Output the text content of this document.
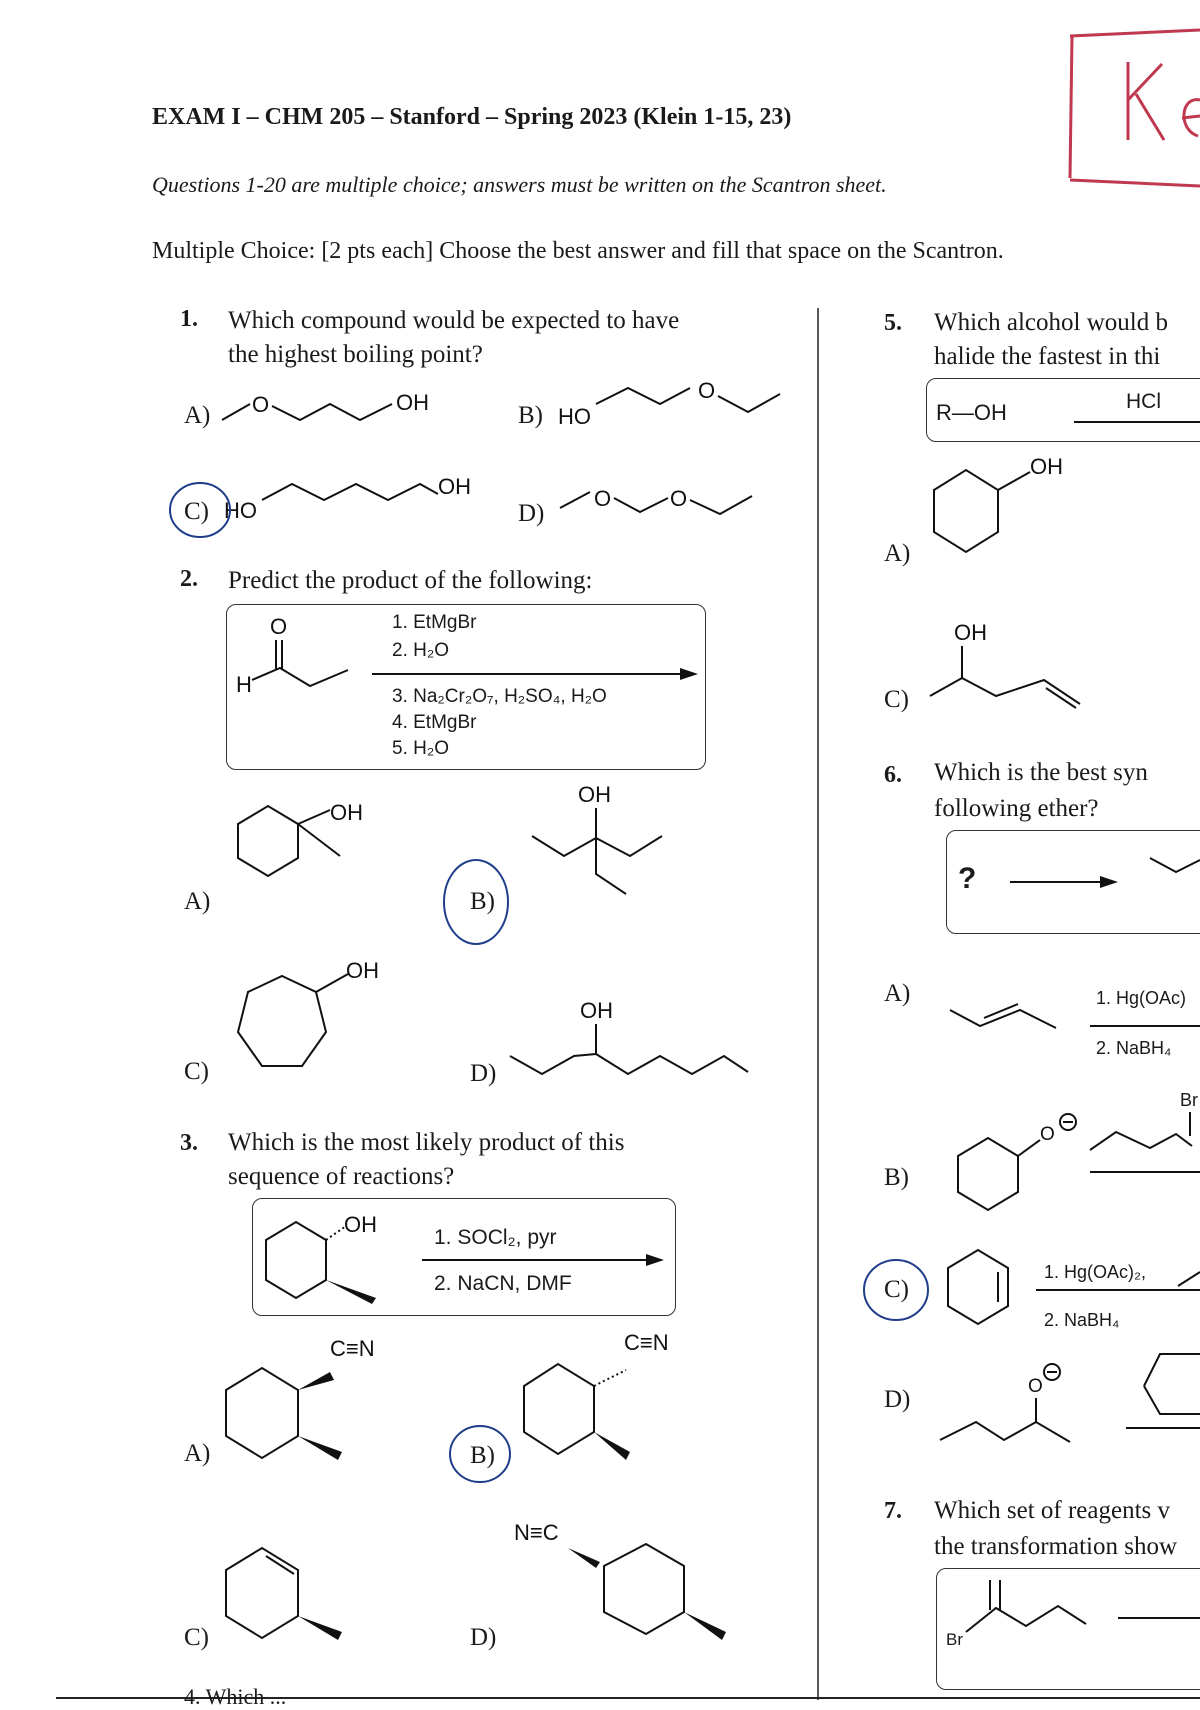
EXAM I – CHM 205 – Stanford – Spring 2023 (Klein 1-15, 23)
Questions 1-20 are multiple choice; answers must be written on the Scantron sheet.
Multiple Choice: [2 pts each] Choose the best answer and fill that space on the Scantron.
1. Which compound would be expected to have
the highest boiling point?
A)	B)
C)	D)
O	OH
HO
O
HO
OH	O	O
2. Predict the product of the following:
1. EtMgBr
2. H₂O
3. Na₂Cr₂O₇, H₂SO₄, H₂O
4. EtMgBr
5. H₂O
A)	B)
C)	D)
O
H
OH
OH
OH
OH
3. Which is the most likely product of this
sequence of reactions?
1. SOCl₂, pyr
2. NaCN, DMF
A)	B)
C)	D)
OH
C≡N	C≡N
N≡C
4. Which ...
5. Which alcohol would b
halide the fastest in thi
R—OH	HCl
A)
C)
OH
OH
6. Which is the best syn
following ether?
?
A)
B)
C)
D)
1. Hg(OAc)
2. NaBH₄
Br
1. Hg(OAc)₂,
2. NaBH₄
O
O
7. Which set of reagents v
the transformation show
Br
